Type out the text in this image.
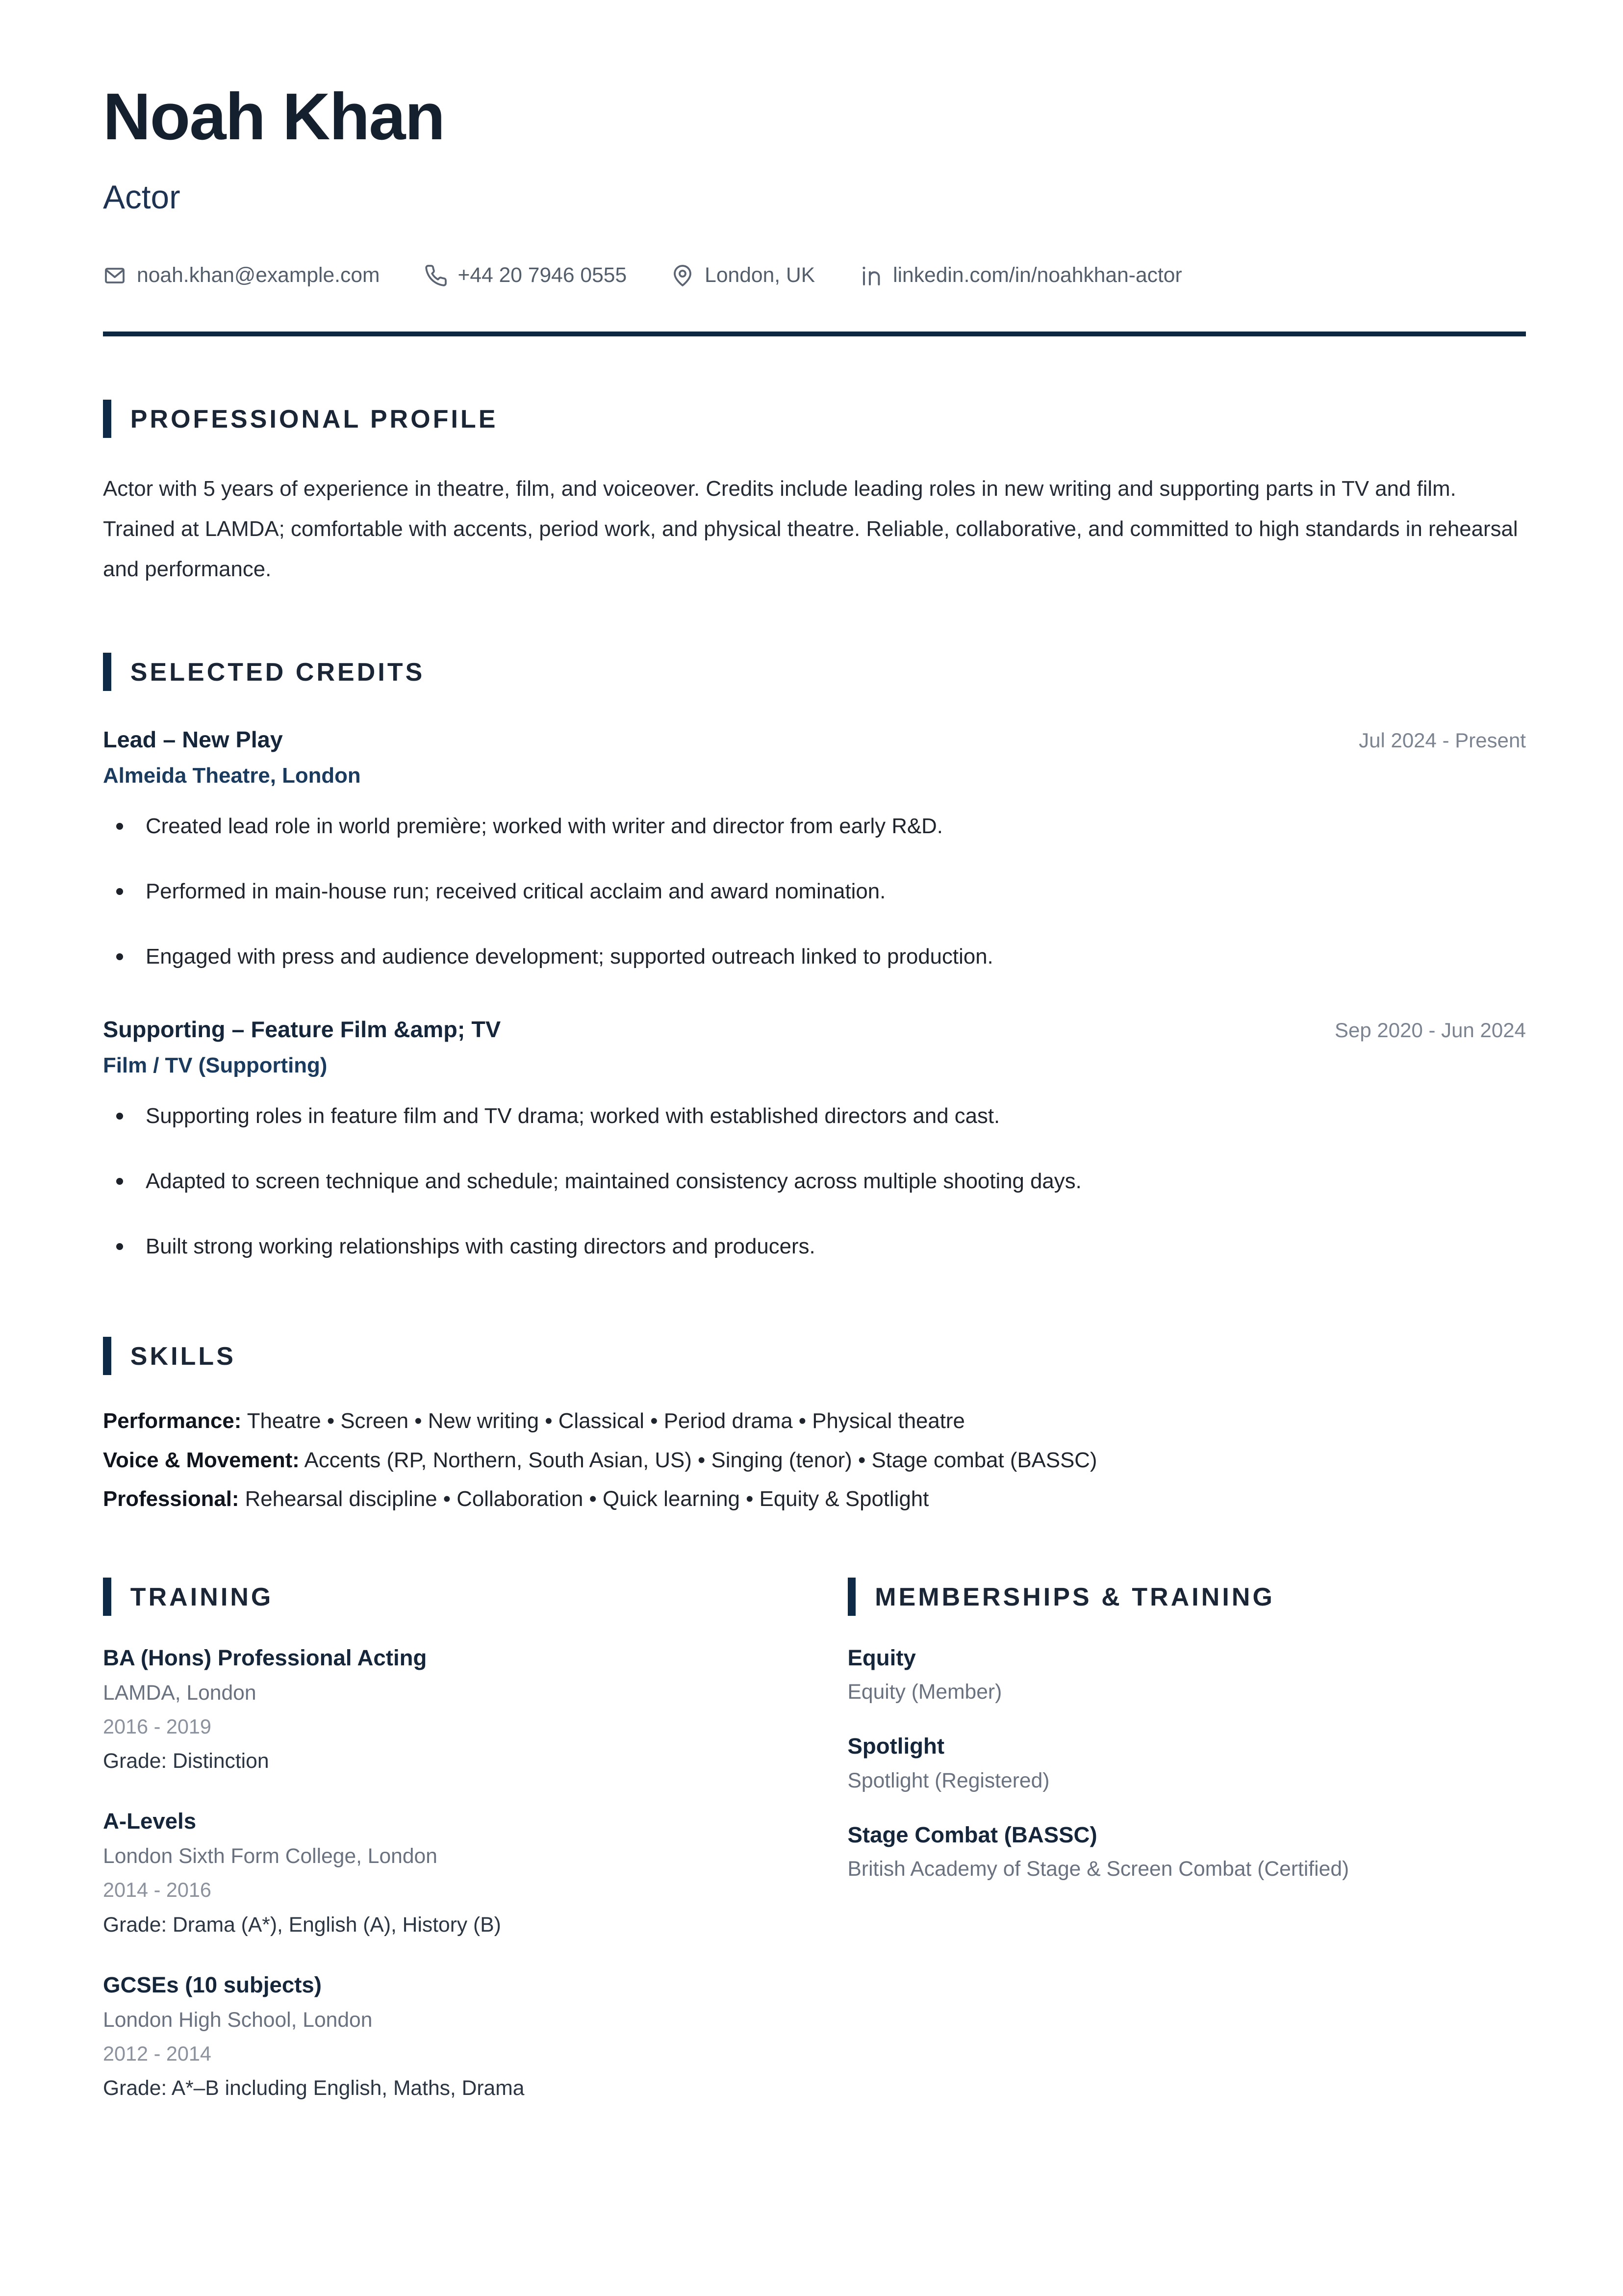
Noah Khan
Actor
noah.khan@example.com	+44 20 7946 0555	London, UK	linkedin.com/in/noahkhan-actor
PROFESSIONAL PROFILE

Actor with 5 years of experience in theatre, film, and voiceover. Credits include leading roles in new writing and supporting parts in TV and film. Trained at LAMDA; comfortable with accents, period work, and physical theatre. Reliable, collaborative, and committed to high standards in rehearsal and performance.

SELECTED CREDITS
Lead – New Play	Jul 2024 - Present
Almeida Theatre, London
Created lead role in world première; worked with writer and director from early R&D.
Performed in main-house run; received critical acclaim and award nomination.
Engaged with press and audience development; supported outreach linked to production.
Supporting – Feature Film &amp; TV	Sep 2020 - Jun 2024
Film / TV (Supporting)
Supporting roles in feature film and TV drama; worked with established directors and cast.
Adapted to screen technique and schedule; maintained consistency across multiple shooting days.
Built strong working relationships with casting directors and producers.
SKILLS

Performance: Theatre • Screen • New writing • Classical • Period drama • Physical theatre

Voice & Movement: Accents (RP, Northern, South Asian, US) • Singing (tenor) • Stage combat (BASSC)

Professional: Rehearsal discipline • Collaboration • Quick learning • Equity & Spotlight

TRAINING
BA (Hons) Professional Acting
LAMDA, London
2016 - 2019
Grade: Distinction
A-Levels
London Sixth Form College, London
2014 - 2016
Grade: Drama (A*), English (A), History (B)
GCSEs (10 subjects)
London High School, London
2012 - 2014
Grade: A*–B including English, Maths, Drama
MEMBERSHIPS & TRAINING
Equity
Equity (Member)
Spotlight
Spotlight (Registered)
Stage Combat (BASSC)
British Academy of Stage & Screen Combat (Certified)
